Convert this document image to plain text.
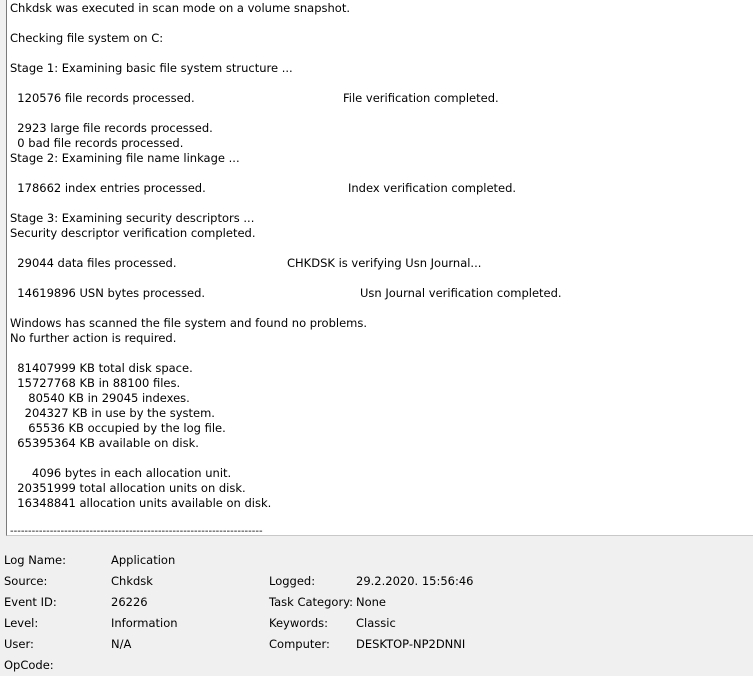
Chkdsk was executed in scan mode on a volume snapshot.
Checking file system on C:
Stage 1: Examining basic file system structure ...
120576 file records processed.	File verification completed.
2923 large file records processed.
0 bad file records processed.
Stage 2: Examining file name linkage ...
178662 index entries processed.	Index verification completed.
Stage 3: Examining security descriptors ...
Security descriptor verification completed.
29044 data files processed.	CHKDSK is verifying Usn Journal...
14619896 USN bytes processed.	Usn Journal verification completed.
Windows has scanned the file system and found no problems.
No further action is required.
81407999 KB total disk space.
15727768 KB in 88100 files.
80540 KB in 29045 indexes.
204327 KB in use by the system.
65536 KB occupied by the log file.
65395364 KB available on disk.
4096 bytes in each allocation unit.
20351999 total allocation units on disk.
16348841 allocation units available on disk.
----------------------------------------------------------------------
Log Name:	Application
Source:	Chkdsk	Logged:	29.2.2020. 15:56:46
Event ID:	26226	Task Category: None
Level:	Information	Keywords: Classic
User:	N/A	Computer: DESKTOP-NP2DNNI
OpCode:
